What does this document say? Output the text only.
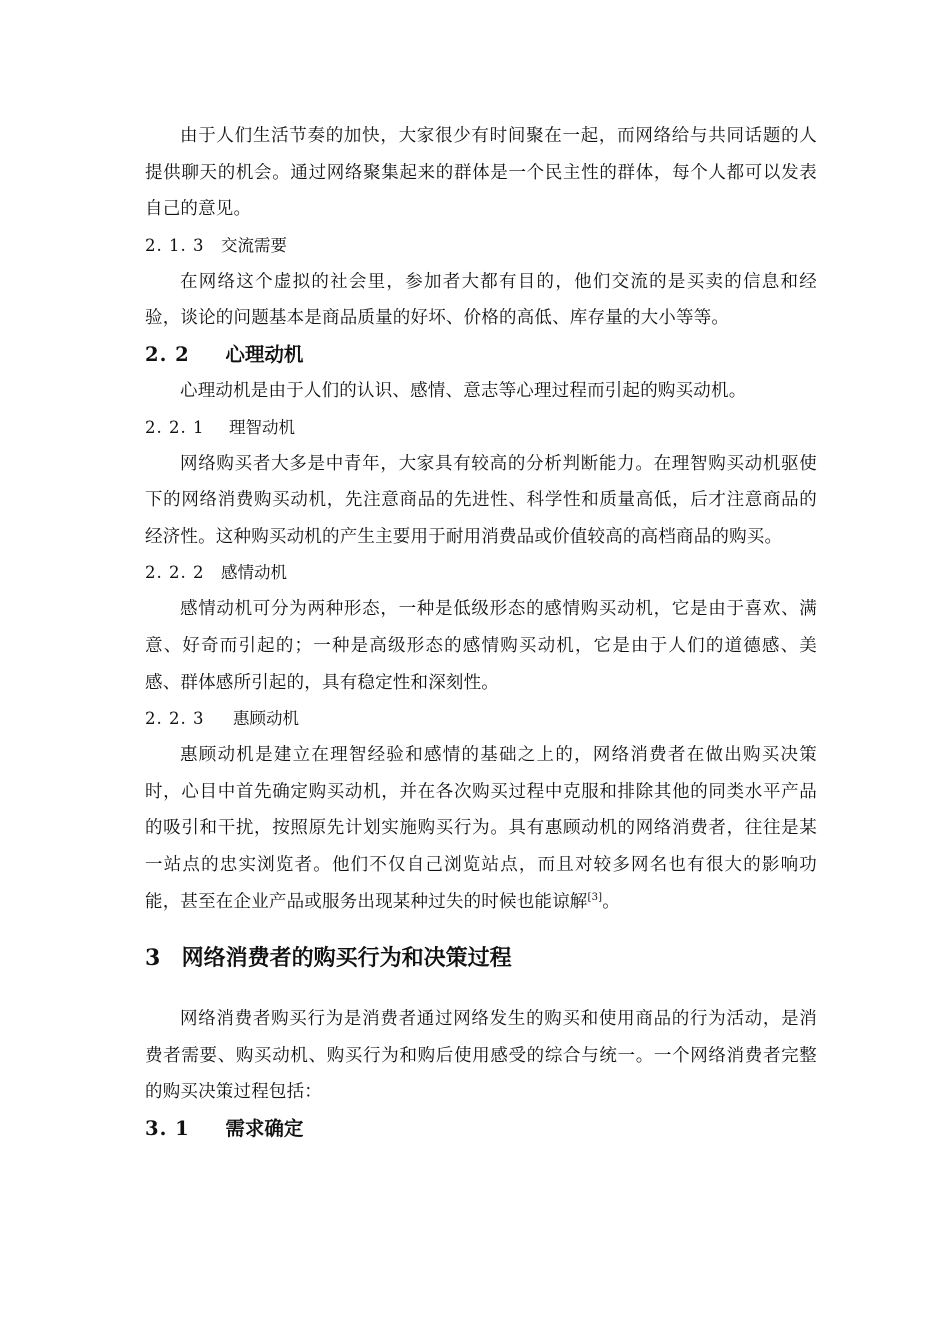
由于人们生活节奏的加快，大家很少有时间聚在一起，而网络给与共同话题的人提供聊天的机会。通过网络聚集起来的群体是一个民主性的群体，每个人都可以发表自己的意见。

2. 1. 3 交流需要

在网络这个虚拟的社会里，参加者大都有目的，他们交流的是买卖的信息和经验，谈论的问题基本是商品质量的好坏、价格的高低、库存量的大小等等。

2. 2 心理动机

心理动机是由于人们的认识、感情、意志等心理过程而引起的购买动机。

2. 2. 1 理智动机

网络购买者大多是中青年，大家具有较高的分析判断能力。在理智购买动机驱使下的网络消费购买动机，先注意商品的先进性、科学性和质量高低，后才注意商品的经济性。这种购买动机的产生主要用于耐用消费品或价值较高的高档商品的购买。

2. 2. 2 感情动机

感情动机可分为两种形态，一种是低级形态的感情购买动机，它是由于喜欢、满意、好奇而引起的；一种是高级形态的感情购买动机，它是由于人们的道德感、美感、群体感所引起的，具有稳定性和深刻性。

2. 2. 3 惠顾动机

惠顾动机是建立在理智经验和感情的基础之上的，网络消费者在做出购买决策时，心目中首先确定购买动机，并在各次购买过程中克服和排除其他的同类水平产品的吸引和干扰，按照原先计划实施购买行为。具有惠顾动机的网络消费者，往往是某一站点的忠实浏览者。他们不仅自己浏览站点，而且对较多网名也有很大的影响功能，甚至在企业产品或服务出现某种过失的时候也能谅解[3]。

3 网络消费者的购买行为和决策过程

网络消费者购买行为是消费者通过网络发生的购买和使用商品的行为活动，是消费者需要、购买动机、购买行为和购后使用感受的综合与统一。一个网络消费者完整的购买决策过程包括：

3. 1 需求确定
